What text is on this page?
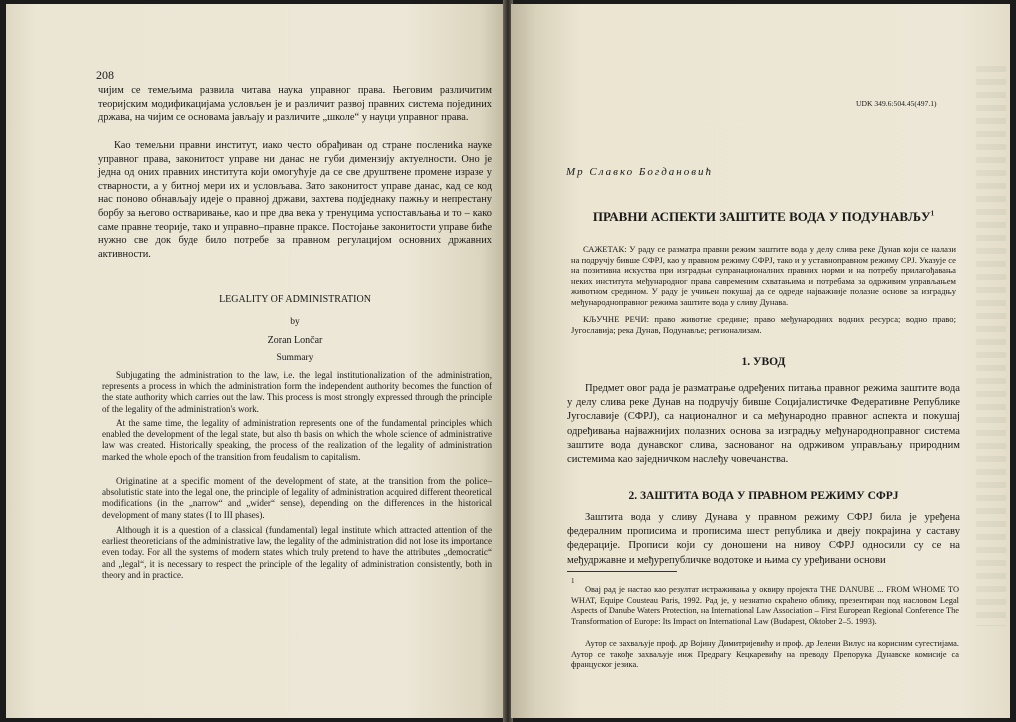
208

чијим се темељима развила читава наука управног права. Његовим различитим теоријским модификацијама условљен је и различит развој правних система појединих држава, на чијим се основама јављају и различите „школе“ у науци управног права.

Као темељни правни институт, иако често обрађиван од стране послениka науке управног права, законитост управе ни данас не губи димензију актуелности. Оно је једна од оних правних института који омогућује да се све друштвене промене изразе у стварности, а у битној мери их и условљава. Зато законитост управе данас, кад се код нас поново обнављају идеје о правној држави, захтева подједнаку пажњу и непрестану борбу за његово остваривање, као и пре два века у тренуцима успостављања и то – како саме правне теорије, тако и управно–правне праксе. Постојање законитости управе биће нужно све док буде било потребе за правном регулацијом основних државних активности.

LEGALITY OF ADMINISTRATION
by
Zoran Lončar
Summary

Subjugating the administration to the law, i.e. the legal institutionalization of the administration, represents a process in which the administration form the independent authority becomes the function of the state authority which carries out the law. This process is most strongly expressed through the principle of the legality of the administration's work.

At the same time, the legality of administration represents one of the fundamental principles which enabled the development of the legal state, but also th basis on which the whole science of administrative law was created. Historically speaking, the process of the realization of the legality of administration marked the whole epoch of the transition from feudalism to capitalism.

Originatine at a specific moment of the development of state, at the transition from the police–absolutistic state into the legal one, the principle of legality of administration acquired different theoretical modifications (in the „narrow“ and „wider“ sense), depending on the differences in the historical development of many states (I to III phases).

Although it is a question of a classical (fundamental) legal institute which attracted attention of the earliest theoreticians of the administrative law, the legality of the administration did not lose its importance even today. For all the systems of modern states which truly pretend to have the attributes „democratic“ and „legal“, it is necessary to respect the principle of the legality of administration consistently, both in theory and in practice.

UDK 349.6:504.45(497.1)
Мр Славко Богдановић
ПРАВНИ АСПЕКТИ ЗАШТИТЕ ВОДА У ПОДУНАВЉУ$^1$

САЖЕТАК: У раду се разматра правни режим заштите вода у делу слива реке Дунав који се налази на подручју бивше СФРЈ, као у правном режиму СФРЈ, тако и у уставноправном режиму СРЈ. Указује се на позитивна искуства при изградњи супранационалних правних норми и на потребу прилагођавања неких института међународног права савременим схватањима и потребама за одрживим управљањем животном средином. У раду је учињен покушај да се одреде најважније полазне основе за изградњу међународноправног режима заштите вода у сливу Дунава.

КЉУЧНЕ РЕЧИ: право животне средине; право међународних водних ресурса; водно право; Југославија; река Дунав, Подунавље; регионализам.

1. УВОД

Предмет овог рада је разматрање одређених питања правног режима заштите вода у делу слива реке Дунав на подручју бивше Социјалистичке Федеративне Републике Југославије (СФРЈ), са националног и са међународно правног аспекта и покушај одређивања најважнијих полазних основа за изградњу међународноправног система заштите вода дунавског слива, заснованог на одрживом управљању природним системима као заједничком наслеђу човечанства.

2. ЗАШТИТА ВОДА У ПРАВНОМ РЕЖИМУ СФРЈ

Заштита вода у сливу Дунава у правном режиму СФРЈ била је уређена федералним прописима и прописима шест република и двеју покрајина у саставу федерације. Прописи који су доношени на нивоу СФРЈ односили су се на међудржавне и међурепубличке водотоке и њима су уређивани основи

1

Овај рад је настао као резултат истраживања у оквиру пројекта THE DANUBE ... FROM WHOME TO WHAT, Equipe Cousteau Paris, 1992. Рад је, у незнатно скраћено облику, презентиран под насловом Legal Aspects of Danube Waters Protection, на International Law Association – First European Regional Conference The Transformation of Europe: Its Impact on International Law (Budapest, Oktober 2–5. 1993).

Аутор се захваљује проф. др Војину Димитријевићу и проф. др Јелени Вилус на корисним сугестијама. Аутор се такође захваљује инж Предрагу Кецкаревићу на преводу Препорука Дунавске комисије са француског језика.
